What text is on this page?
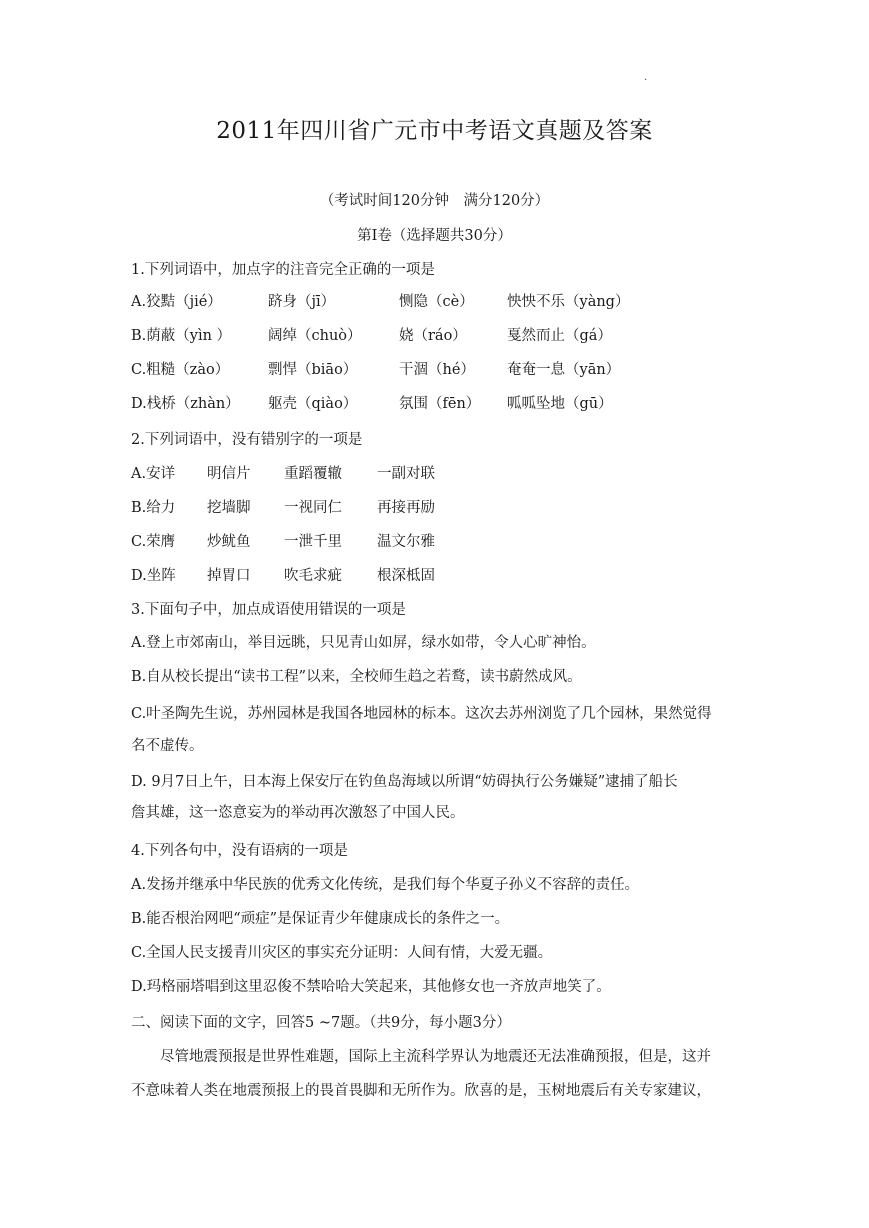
.
2011年四川省广元市中考语文真题及答案
（考试时间120分钟　满分120分）
第Ⅰ卷（选择题共30分）
1.下列词语中，加点字的注音完全正确的一项是
A.狡黠（jié）	跻身（jī）	恻隐（cè） 怏怏不乐（yàng）
B.荫蔽（yìn ）	阔绰（chuò）	娆（ráo）	戛然而止（gá）
C.粗糙（zào）	剽悍（biāo）	干涸（hé） 奄奄一息（yān）
D.栈桥（zhàn） 躯壳（qiào）	氛围（fēn） 呱呱坠地（gū）
2.下列词语中，没有错别字的一项是
A.安详 明信片 重蹈覆辙 一副对联
B.给力 挖墙脚 一视同仁 再接再励
C.荣膺 炒鱿鱼 一泄千里 温文尔雅
D.坐阵 掉胃口 吹毛求疵 根深柢固
3.下面句子中，加点成语使用错误的一项是
A.登上市郊南山，举目远眺，只见青山如屏，绿水如带，令人心旷神怡。
B.自从校长提出“读书工程”以来，全校师生趋之若鹜，读书蔚然成风。
C.叶圣陶先生说，苏州园林是我国各地园林的标本。这次去苏州浏览了几个园林，果然觉得
名不虚传。
D. 9月7日上午，日本海上保安厅在钓鱼岛海域以所谓“妨碍执行公务嫌疑”逮捕了船长
詹其雄，这一恣意妄为的举动再次激怒了中国人民。
4.下列各句中，没有语病的一项是
A.发扬并继承中华民族的优秀文化传统，是我们每个华夏子孙义不容辞的责任。
B.能否根治网吧“顽症”是保证青少年健康成长的条件之一。
C.全国人民支援青川灾区的事实充分证明：人间有情，大爱无疆。
D.玛格丽塔唱到这里忍俊不禁哈哈大笑起来，其他修女也一齐放声地笑了。
二、阅读下面的文字，回答5 ~7题。（共9分，每小题3分）
尽管地震预报是世界性难题，国际上主流科学界认为地震还无法准确预报，但是，这并
不意味着人类在地震预报上的畏首畏脚和无所作为。欣喜的是，玉树地震后有关专家建议，
